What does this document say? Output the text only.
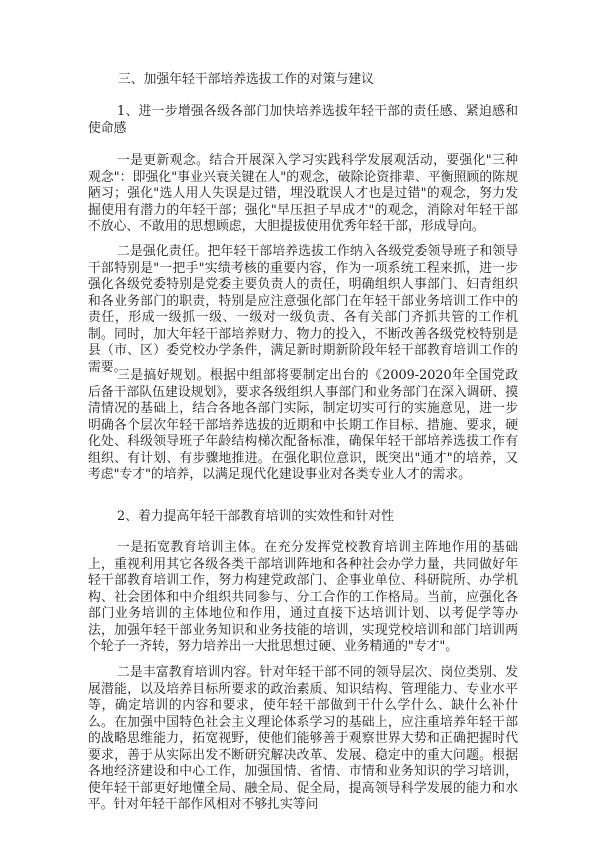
三、加强年轻干部培养选拔工作的对策与建议

1、进一步增强各级各部门加快培养选拔年轻干部的责任感、紧迫感和使命感

一是更新观念。结合开展深入学习实践科学发展观活动，要强化"三种观念"：即强化"事业兴衰关键在人"的观念，破除论资排辈、平衡照顾的陈规陋习；强化"选人用人失误是过错，埋没耽误人才也是过错"的观念，努力发掘使用有潜力的年轻干部；强化"早压担子早成才"的观念，消除对年轻干部不放心、不敢用的思想顾虑，大胆提拔使用优秀年轻干部，形成导向。

二是强化责任。把年轻干部培养选拔工作纳入各级党委领导班子和领导干部特别是"一把手"实绩考核的重要内容，作为一项系统工程来抓，进一步强化各级党委特别是党委主要负责人的责任，明确组织人事部门、妇青组织和各业务部门的职责，特别是应注意强化部门在年轻干部业务培训工作中的责任，形成一级抓一级、一级对一级负责、各有关部门齐抓共管的工作机制。同时，加大年轻干部培养财力、物力的投入，不断改善各级党校特别是县（市、区）委党校办学条件，满足新时期新阶段年轻干部教育培训工作的需要。

三是搞好规划。根据中组部将要制定出台的《2009-2020年全国党政后备干部队伍建设规划》，要求各级组织人事部门和业务部门在深入调研、摸清情况的基础上，结合各地各部门实际，制定切实可行的实施意见，进一步明确各个层次年轻干部培养选拔的近期和中长期工作目标、措施、要求，硬化处、科级领导班子年龄结构梯次配备标准，确保年轻干部培养选拔工作有组织、有计划、有步骤地推进。在强化职位意识，既突出"通才"的培养，又考虑"专才"的培养，以满足现代化建设事业对各类专业人才的需求。

2、着力提高年轻干部教育培训的实效性和针对性

一是拓宽教育培训主体。在充分发挥党校教育培训主阵地作用的基础上，重视利用其它各级各类干部培训阵地和各种社会办学力量，共同做好年轻干部教育培训工作，努力构建党政部门、企事业单位、科研院所、办学机构、社会团体和中介组织共同参与、分工合作的工作格局。当前，应强化各部门业务培训的主体地位和作用，通过直接下达培训计划、以考促学等办法，加强年轻干部业务知识和业务技能的培训，实现党校培训和部门培训两个轮子一齐转，努力培养出一大批思想过硬、业务精通的"专才"。

二是丰富教育培训内容。针对年轻干部不同的领导层次、岗位类别、发展潜能，以及培养目标所要求的政治素质、知识结构、管理能力、专业水平等，确定培训的内容和要求，使年轻干部做到干什么学什么、缺什么补什么。在加强中国特色社会主义理论体系学习的基础上，应注重培养年轻干部的战略思维能力，拓宽视野，使他们能够善于观察世界大势和正确把握时代要求，善于从实际出发不断研究解决改革、发展、稳定中的重大问题。根据各地经济建设和中心工作，加强国情、省情、市情和业务知识的学习培训，使年轻干部更好地懂全局、融全局、促全局，提高领导科学发展的能力和水平。针对年轻干部作风相对不够扎实等问
